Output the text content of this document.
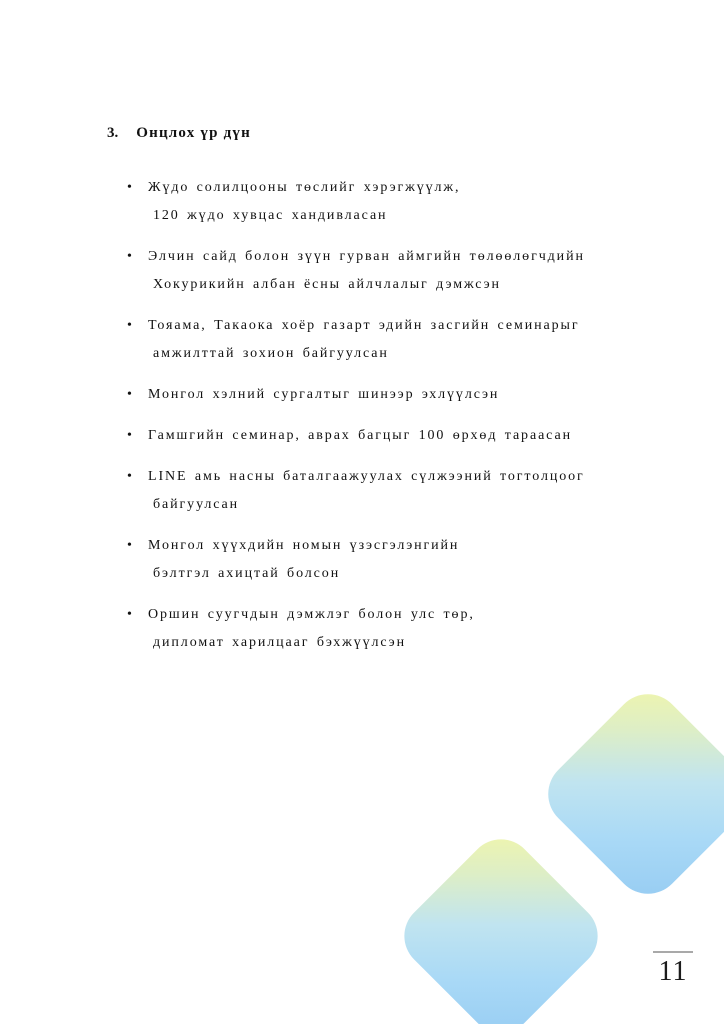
3. Онцлох үр дүн
• Жүдо солилцооны төслийг хэрэгжүүлж,
120 жүдо хувцас хандивласан
• Элчин сайд болон зүүн гурван аймгийн төлөөлөгчдийн
Хокурикийн албан ёсны айлчлалыг дэмжсэн
• Тояама, Такаока хоёр газарт эдийн засгийн семинарыг
амжилттай зохион байгуулсан
• Монгол хэлний сургалтыг шинээр эхлүүлсэн
• Гамшгийн семинар, аврах багцыг 100 өрхөд тараасан
• LINE амь насны баталгаажуулах сүлжээний тогтолцоог
байгуулсан
• Монгол хүүхдийн номын үзэсгэлэнгийн
бэлтгэл ахицтай болсон
• Оршин суугчдын дэмжлэг болон улс төр,
дипломат харилцааг бэхжүүлсэн
11
